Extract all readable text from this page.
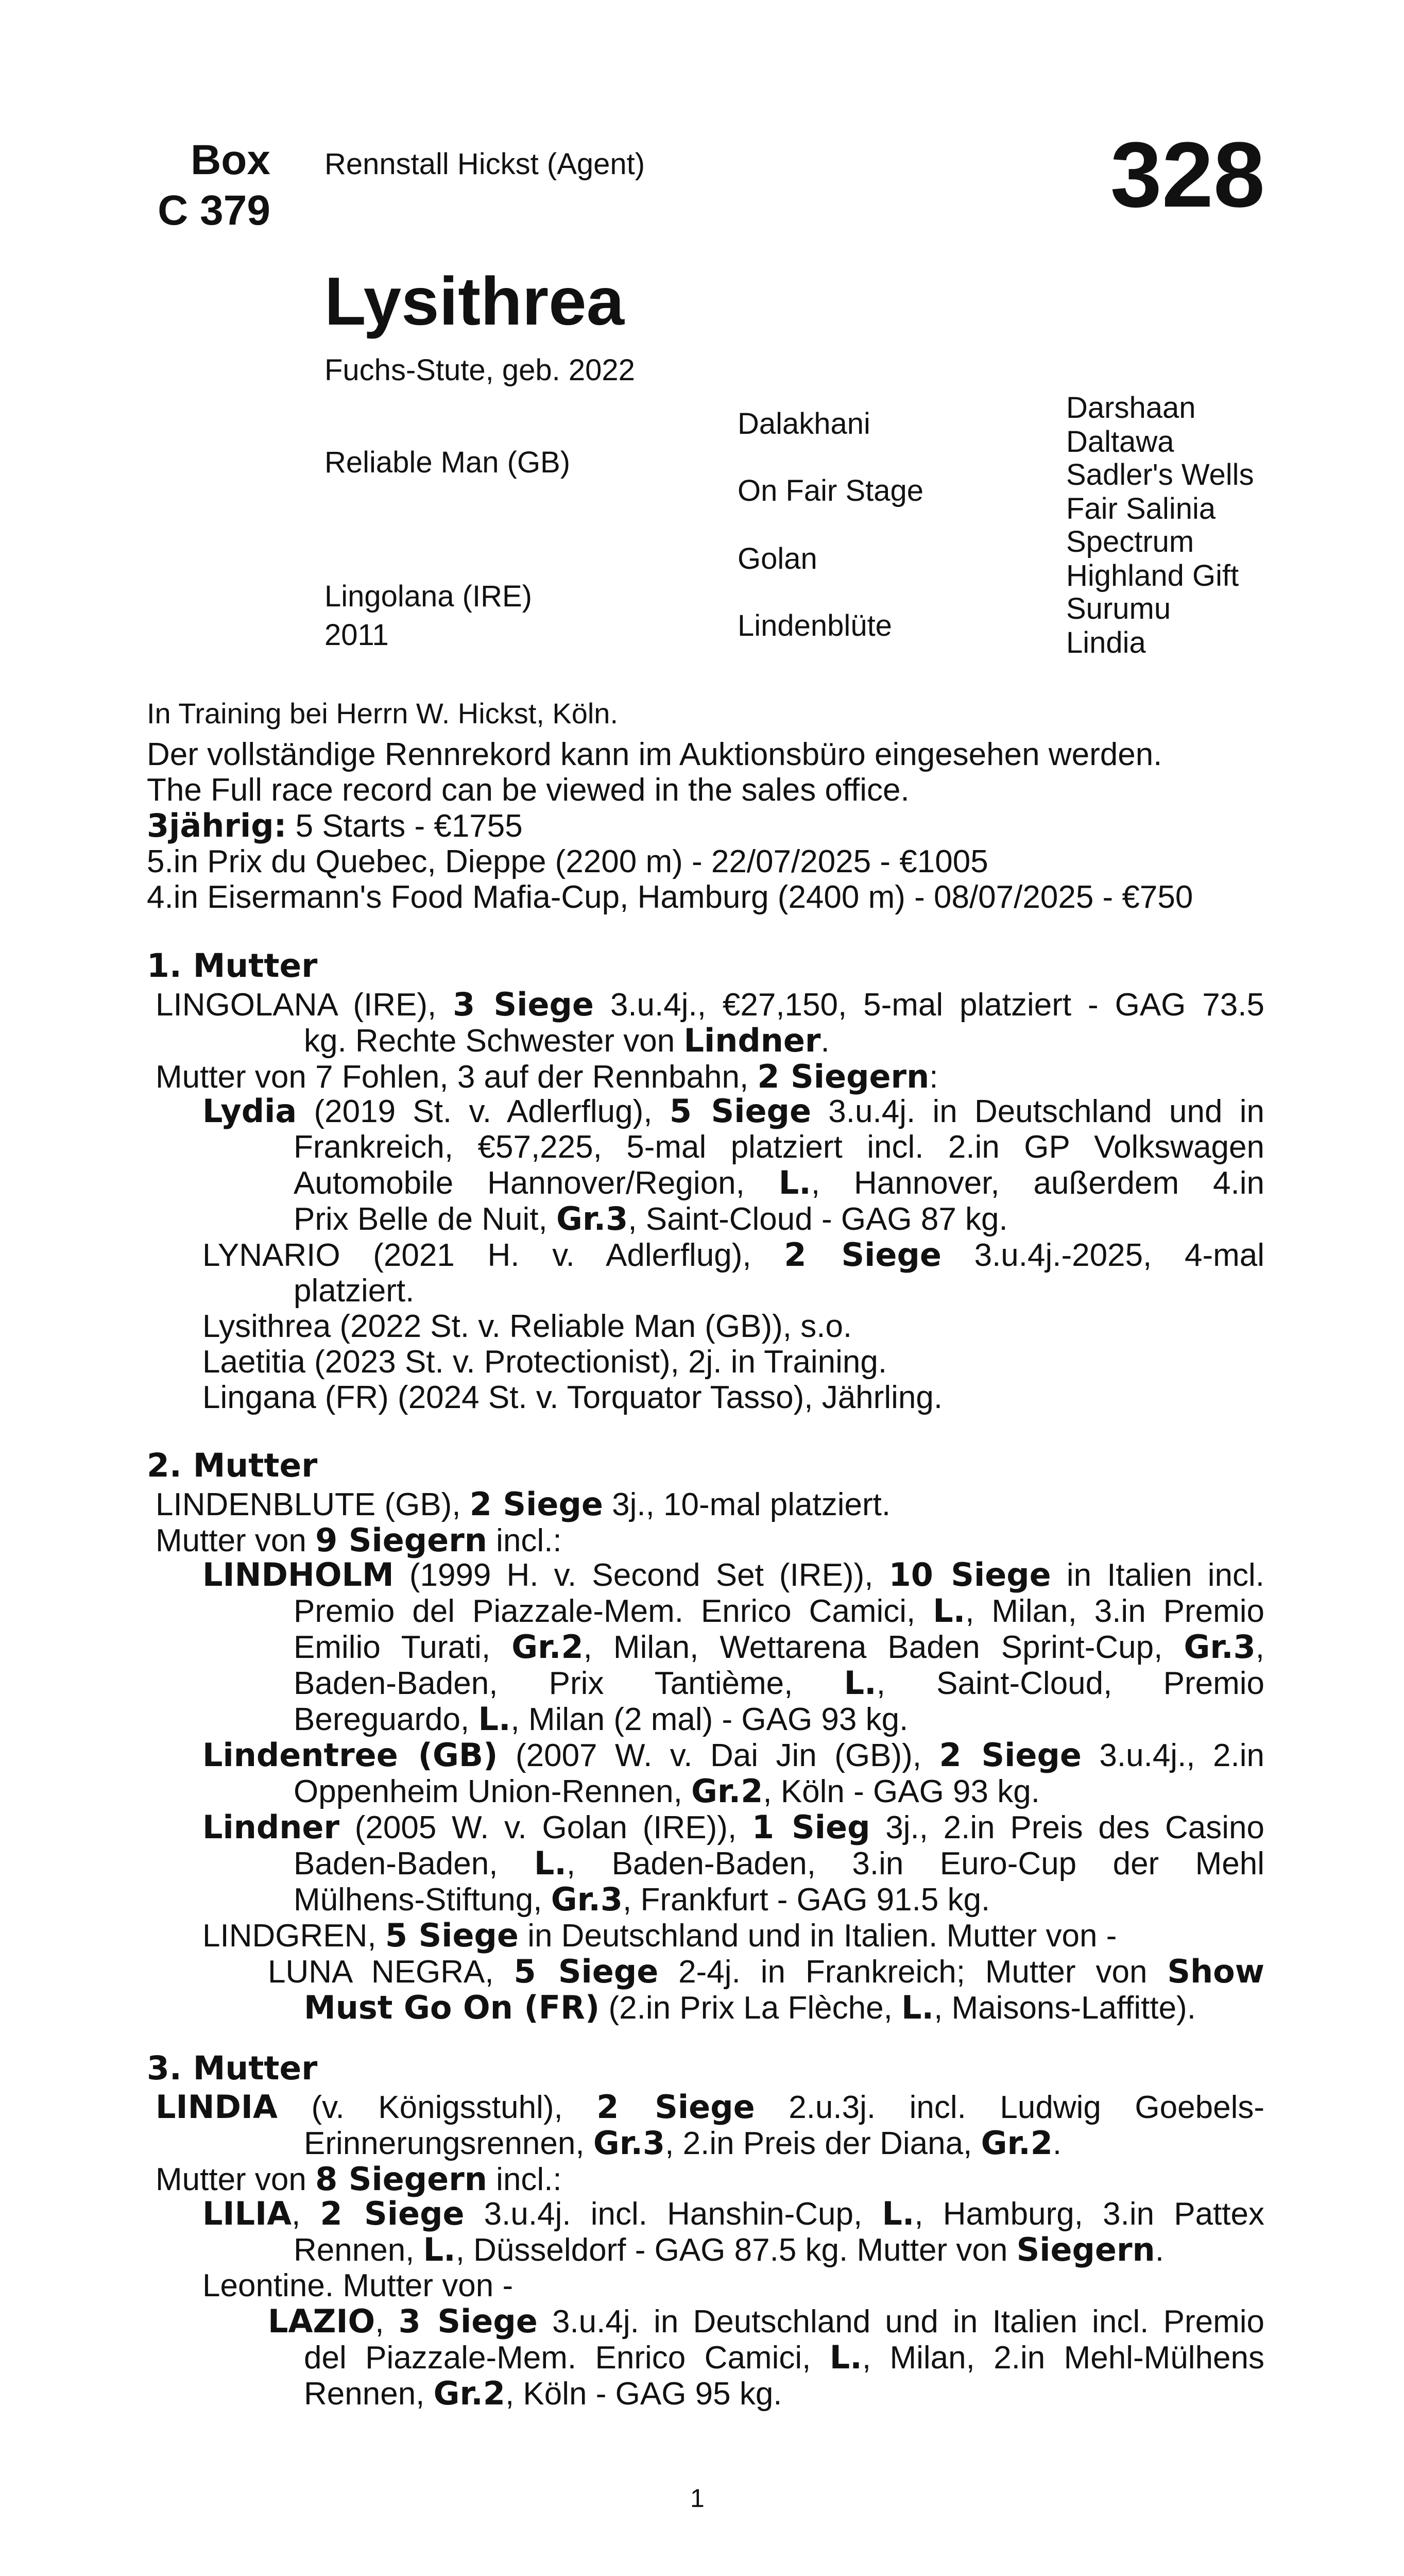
Box
C 379
Rennstall Hickst (Agent)	328
Lysithrea
Fuchs-Stute, geb. 2022
Reliable Man (GB)
Lingolana (IRE)
2011
Dalakhani
On Fair Stage
Golan
Lindenblüte
Darshaan
Daltawa
Sadler's Wells
Fair Salinia
Spectrum
Highland Gift
Surumu
Lindia
In Training bei Herrn W. Hickst, Köln.
Der vollständige Rennrekord kann im Auktionsbüro eingesehen werden.
The Full race record can be viewed in the sales office.
3jährig: 5 Starts - €1755
5.in Prix du Quebec, Dieppe (2200 m) - 22/07/2025 - €1005
4.in Eisermann's Food Mafia-Cup, Hamburg (2400 m) - 08/07/2025 - €750
1. Mutter
LINGOLANA (IRE), 3 Siege 3.u.4j., €27,150, 5-mal platziert - GAG 73.5
kg. Rechte Schwester von Lindner.
Mutter von 7 Fohlen, 3 auf der Rennbahn, 2 Siegern:
Lydia (2019 St. v. Adlerflug), 5 Siege 3.u.4j. in Deutschland und in
Frankreich, €57,225, 5-mal platziert incl. 2.in GP Volkswagen
Automobile Hannover/Region, L., Hannover, außerdem 4.in
Prix Belle de Nuit, Gr.3, Saint-Cloud - GAG 87 kg.
LYNARIO (2021 H. v. Adlerflug), 2 Siege 3.u.4j.-2025, 4-mal
platziert.
Lysithrea (2022 St. v. Reliable Man (GB)), s.o.
Laetitia (2023 St. v. Protectionist), 2j. in Training.
Lingana (FR) (2024 St. v. Torquator Tasso), Jährling.
2. Mutter
LINDENBLUTE (GB), 2 Siege 3j., 10-mal platziert.
Mutter von 9 Siegern incl.:
LINDHOLM (1999 H. v. Second Set (IRE)), 10 Siege in Italien incl.
Premio del Piazzale-Mem. Enrico Camici, L., Milan, 3.in Premio
Emilio Turati, Gr.2, Milan, Wettarena Baden Sprint-Cup, Gr.3,
Baden-Baden, Prix Tantième, L., Saint-Cloud, Premio
Bereguardo, L., Milan (2 mal) - GAG 93 kg.
Lindentree (GB) (2007 W. v. Dai Jin (GB)), 2 Siege 3.u.4j., 2.in
Oppenheim Union-Rennen, Gr.2, Köln - GAG 93 kg.
Lindner (2005 W. v. Golan (IRE)), 1 Sieg 3j., 2.in Preis des Casino
Baden-Baden, L., Baden-Baden, 3.in Euro-Cup der Mehl
Mülhens-Stiftung, Gr.3, Frankfurt - GAG 91.5 kg.
LINDGREN, 5 Siege in Deutschland und in Italien. Mutter von -
LUNA NEGRA, 5 Siege 2-4j. in Frankreich; Mutter von Show
Must Go On (FR) (2.in Prix La Flèche, L., Maisons-Laffitte).
3. Mutter
LINDIA (v. Königsstuhl), 2 Siege 2.u.3j. incl. Ludwig Goebels-
Erinnerungsrennen, Gr.3, 2.in Preis der Diana, Gr.2.
Mutter von 8 Siegern incl.:
LILIA, 2 Siege 3.u.4j. incl. Hanshin-Cup, L., Hamburg, 3.in Pattex
Rennen, L., Düsseldorf - GAG 87.5 kg. Mutter von Siegern.
Leontine. Mutter von -
LAZIO, 3 Siege 3.u.4j. in Deutschland und in Italien incl. Premio
del Piazzale-Mem. Enrico Camici, L., Milan, 2.in Mehl-Mülhens
Rennen, Gr.2, Köln - GAG 95 kg.
1
